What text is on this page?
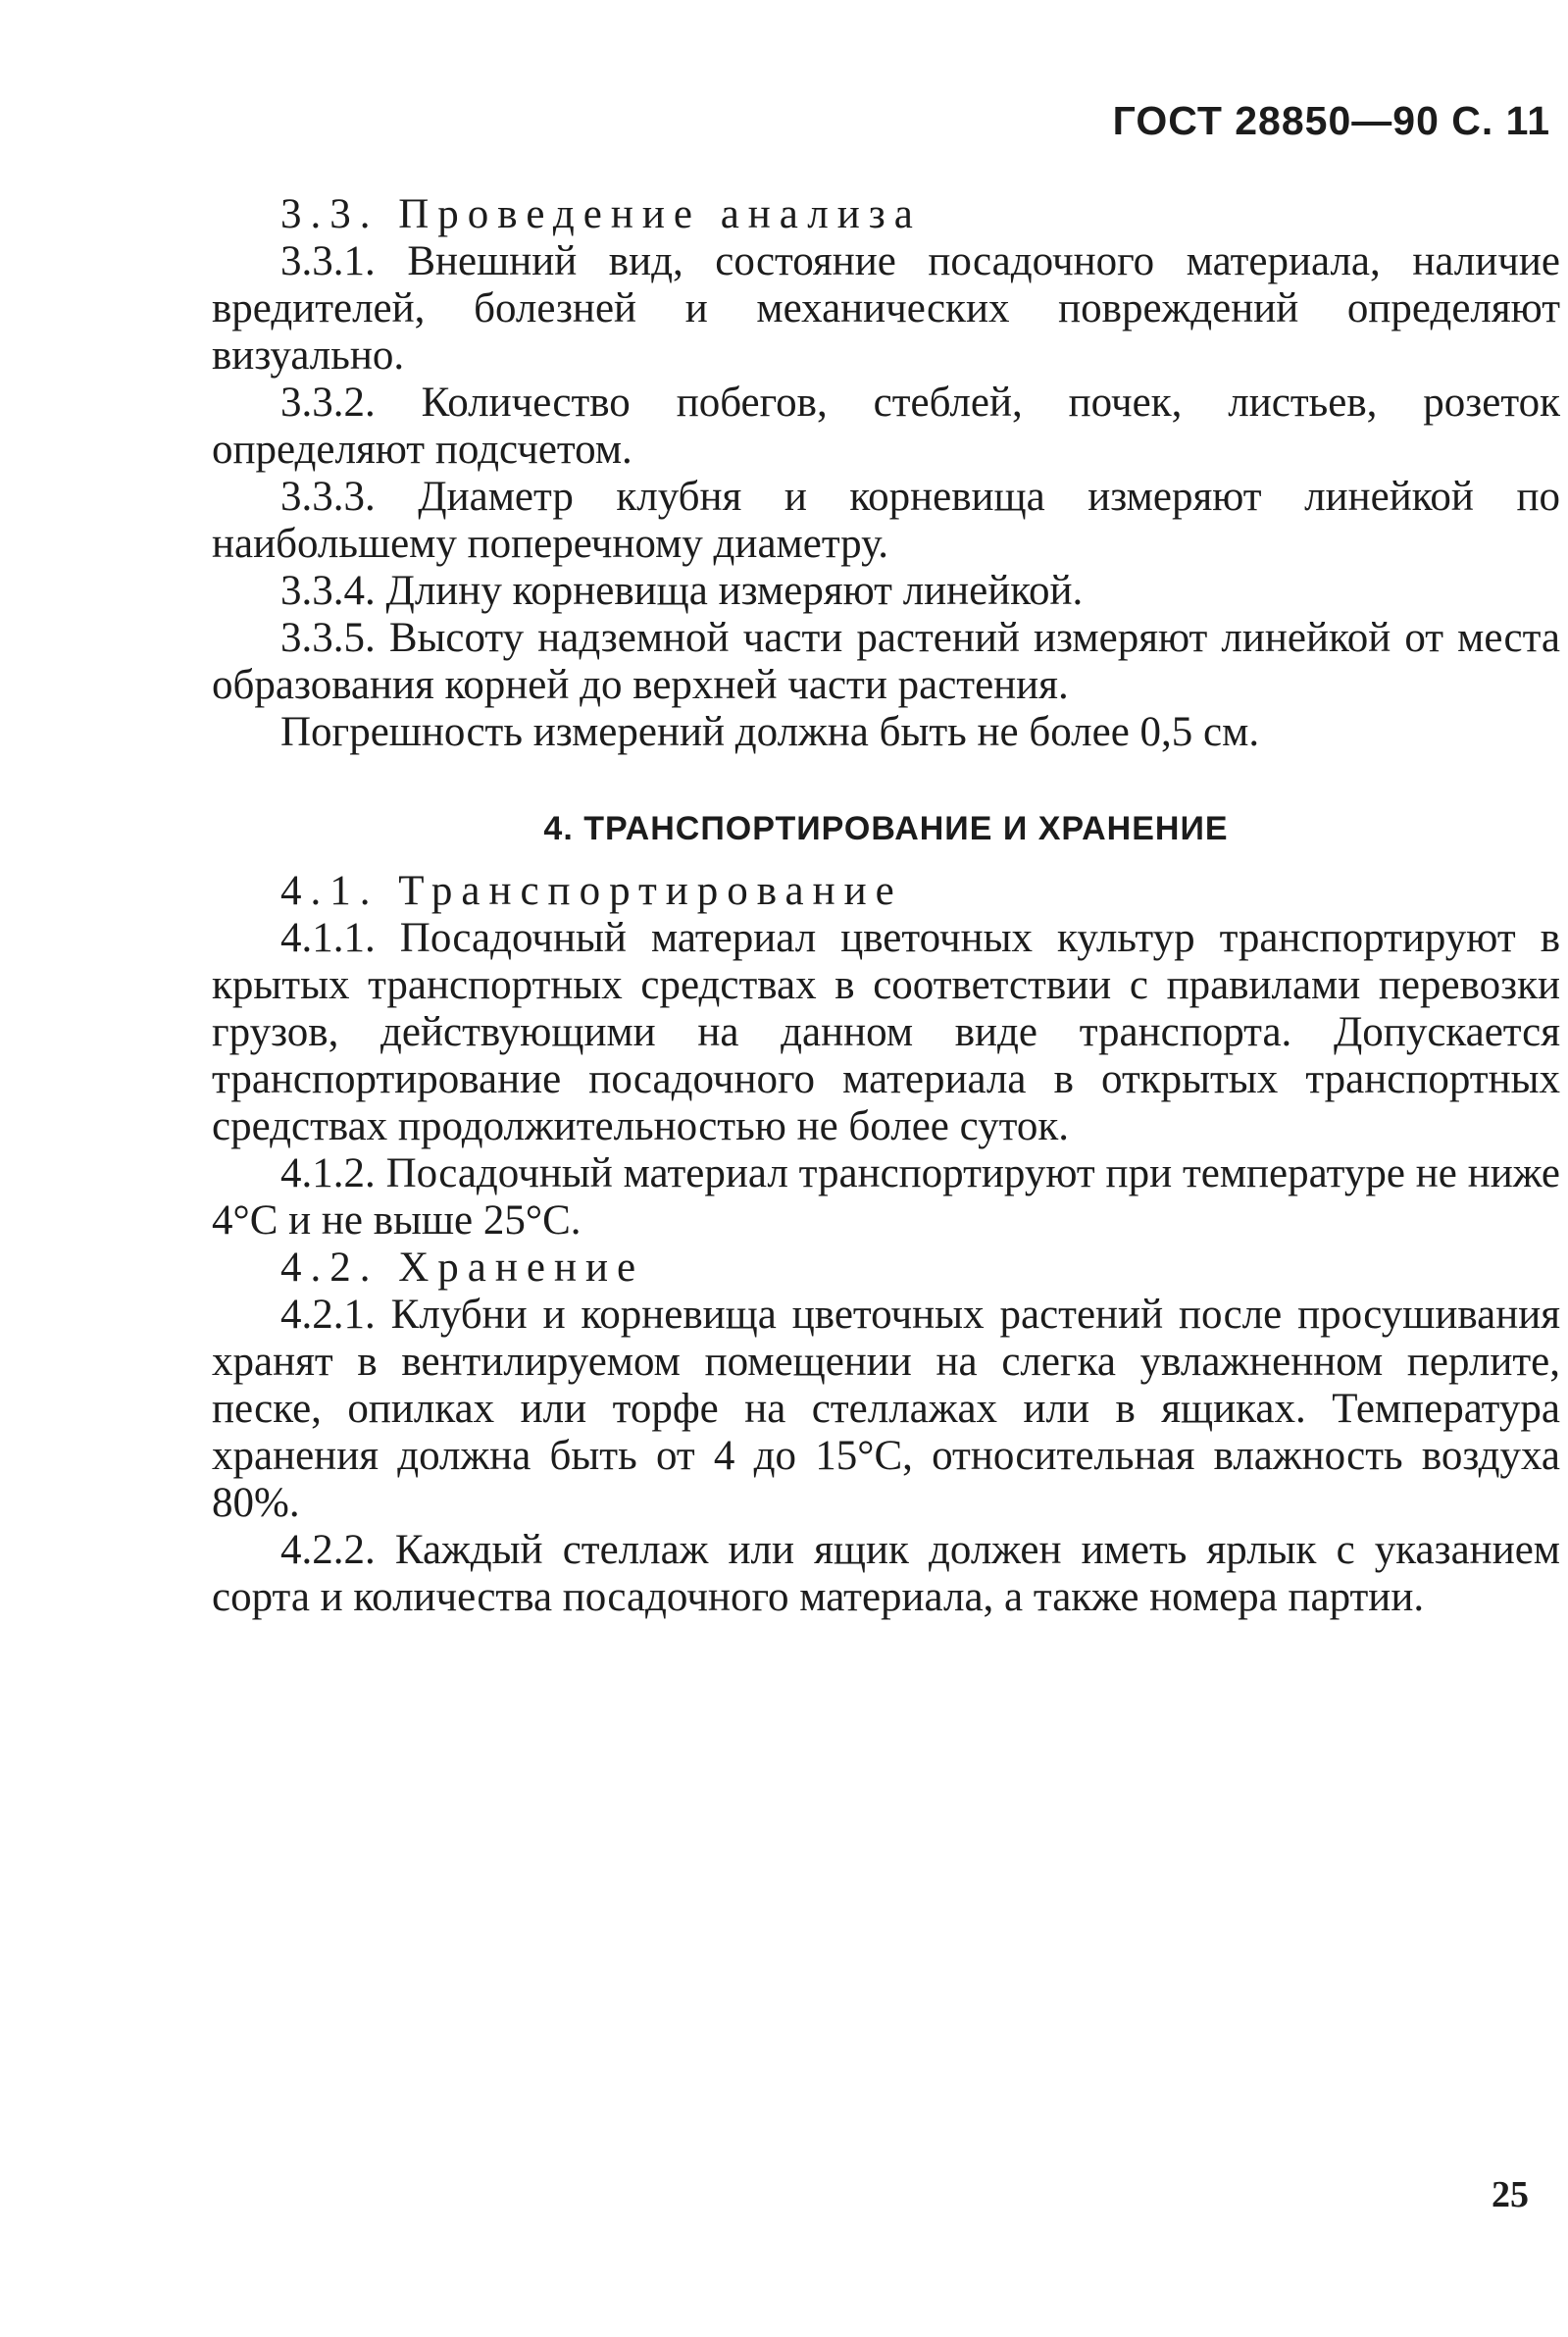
ГОСТ 28850—90 С. 11

3.3. Проведение анализа

3.3.1. Внешний вид, состояние посадочного материала, наличие вредителей, болезней и механических повреждений определяют визуально.

3.3.2. Количество побегов, стеблей, почек, листьев, розеток определяют подсчетом.

3.3.3. Диаметр клубня и корневища измеряют линейкой по наибольшему поперечному диаметру.

3.3.4. Длину корневища измеряют линейкой.

3.3.5. Высоту надземной части растений измеряют линейкой от места образования корней до верхней части растения.

Погрешность измерений должна быть не более 0,5 см.

4. ТРАНСПОРТИРОВАНИЕ И ХРАНЕНИЕ

4.1. Транспортирование

4.1.1. Посадочный материал цветочных культур транспортируют в крытых транспортных средствах в соответствии с правилами перевозки грузов, действующими на данном виде транспорта. Допускается транспортирование посадочного материала в открытых транспортных средствах продолжительностью не более суток.

4.1.2. Посадочный материал транспортируют при температуре не ниже 4°С и не выше 25°С.

4.2. Хранение

4.2.1. Клубни и корневища цветочных растений после просушивания хранят в вентилируемом помещении на слегка увлажненном перлите, песке, опилках или торфе на стеллажах или в ящиках. Температура хранения должна быть от 4 до 15°С, относительная влажность воздуха 80%.

4.2.2. Каждый стеллаж или ящик должен иметь ярлык с указанием сорта и количества посадочного материала, а также номера партии.

25
